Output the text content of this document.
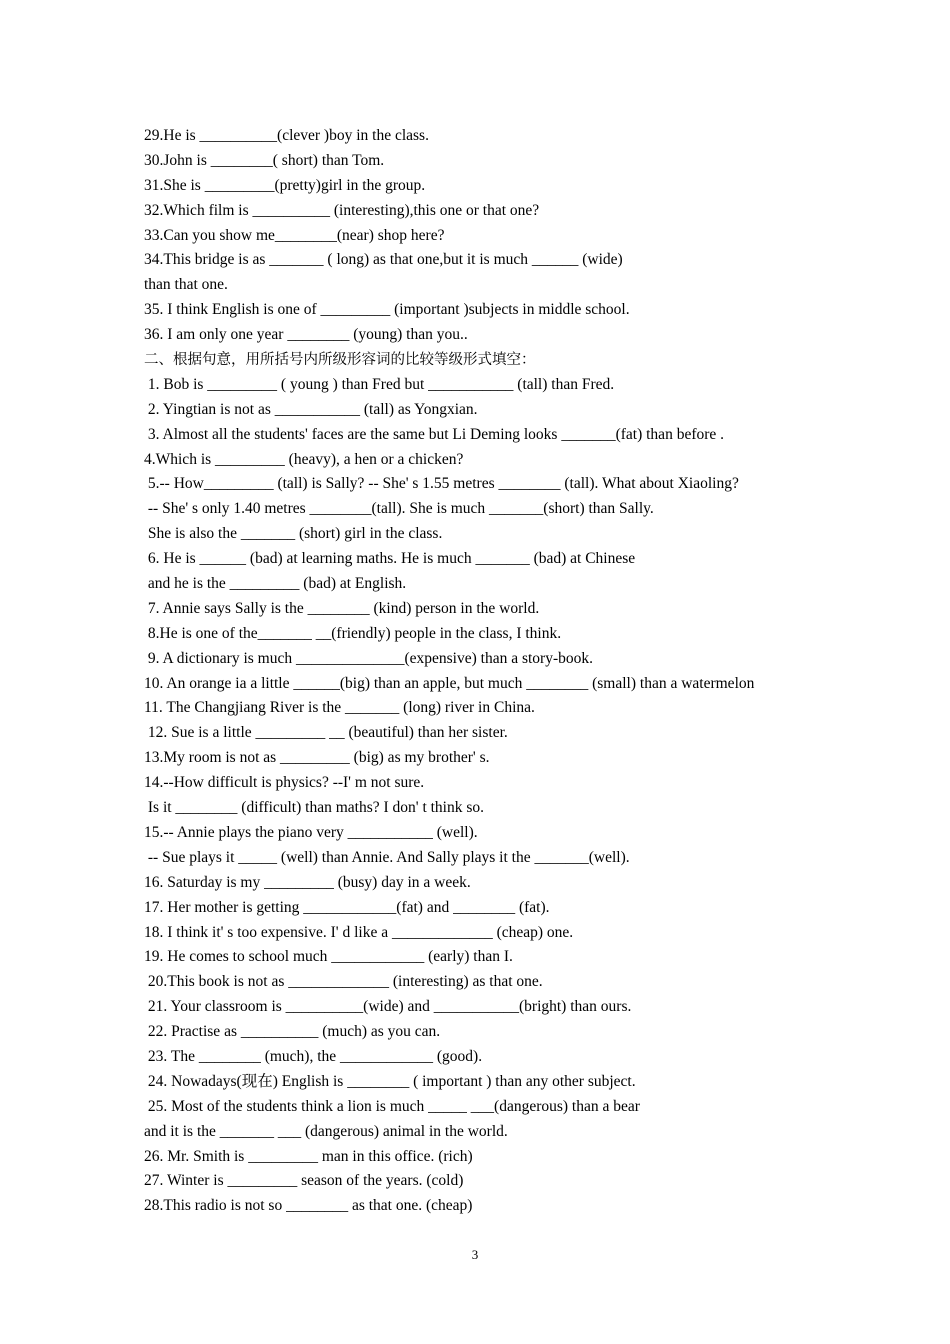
29.He is __________(clever )boy in the class.
30.John is ________( short) than Tom.
31.She is _________(pretty)girl in the group.
32.Which film is __________ (interesting),this one or that one?
33.Can you show me________(near) shop here?
34.This bridge is as _______ ( long) as that one,but it is much ______ (wide)
than that one.
35. I think English is one of _________ (important )subjects in middle school.
36. I am only one year ________ (young) than you..
二、根据句意，用所括号内所级形容词的比较等级形式填空：
1. Bob is _________ ( young ) than Fred but ___________ (tall) than Fred.
2. Yingtian is not as ___________ (tall) as Yongxian.
3. Almost all the students' faces are the same but Li Deming looks _______(fat) than before .
4.Which is _________ (heavy), a hen or a chicken?
5.-- How_________ (tall) is Sally? -- She' s 1.55 metres ________ (tall). What about Xiaoling?
-- She' s only 1.40 metres ________(tall). She is much _______(short) than Sally.
She is also the _______ (short) girl in the class.
6. He is ______ (bad) at learning maths. He is much _______ (bad) at Chinese
and he is the _________ (bad) at English.
7. Annie says Sally is the ________ (kind) person in the world.
8.He is one of the_______ __(friendly) people in the class, I think.
9. A dictionary is much ______________(expensive) than a story-book.
10. An orange ia a little ______(big) than an apple, but much ________ (small) than a watermelon
11. The Changjiang River is the _______ (long) river in China.
12. Sue is a little _________ __ (beautiful) than her sister.
13.My room is not as _________ (big) as my brother' s.
14.--How difficult is physics? --I' m not sure.
Is it ________ (difficult) than maths? I don' t think so.
15.-- Annie plays the piano very ___________ (well).
-- Sue plays it _____ (well) than Annie. And Sally plays it the _______(well).
16. Saturday is my _________ (busy) day in a week.
17. Her mother is getting ____________(fat) and ________ (fat).
18. I think it' s too expensive. I' d like a _____________ (cheap) one.
19. He comes to school much ____________ (early) than I.
20.This book is not as _____________ (interesting) as that one.
21. Your classroom is __________(wide) and ___________(bright) than ours.
22. Practise as __________ (much) as you can.
23. The ________ (much), the ____________ (good).
24. Nowadays(现在) English is ________ ( important ) than any other subject.
25. Most of the students think a lion is much _____ ___(dangerous) than a bear
and it is the _______ ___ (dangerous) animal in the world.
26. Mr. Smith is _________ man in this office. (rich)
27. Winter is _________ season of the years. (cold)
28.This radio is not so ________ as that one. (cheap)
3
